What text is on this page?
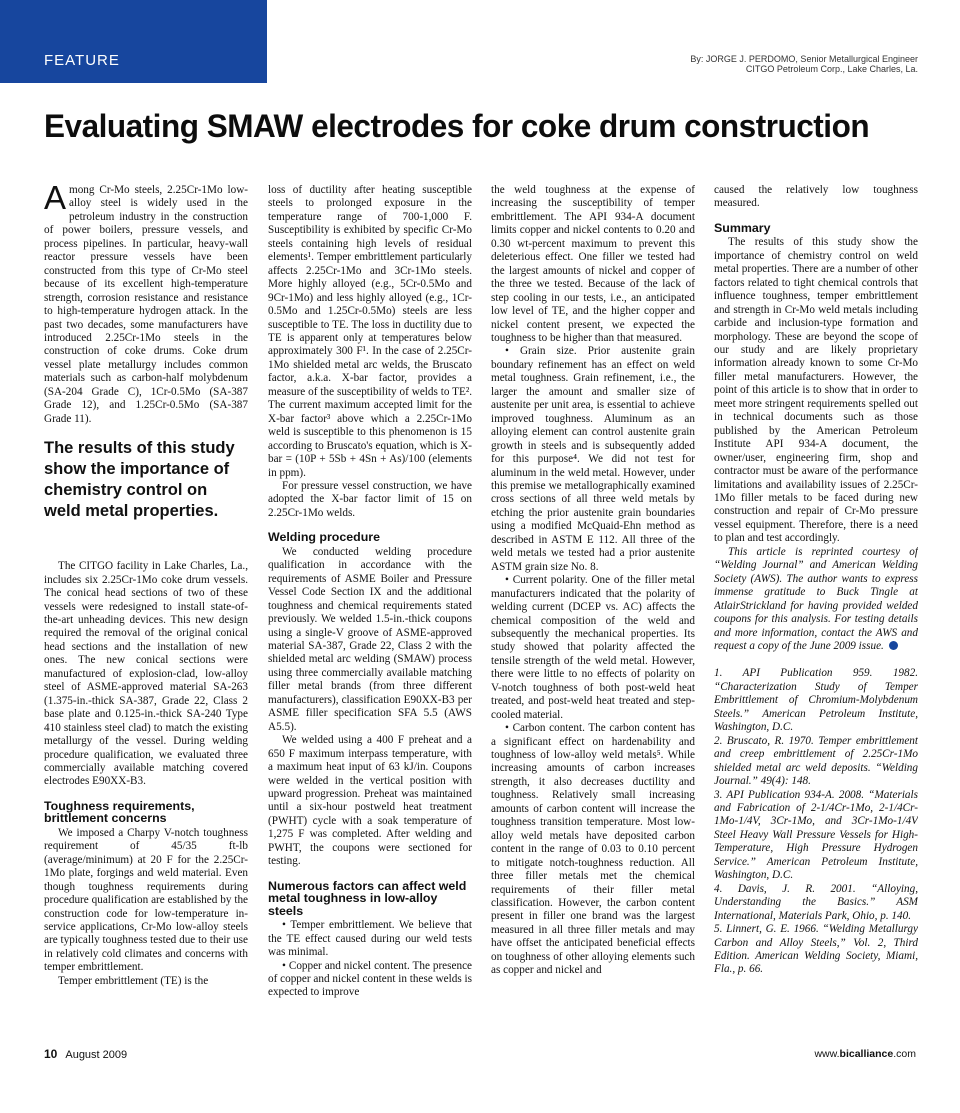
FEATURE	By: JORGE J. PERDOMO, Senior Metallurgical Engineer
CITGO Petroleum Corp., Lake Charles, La.
Evaluating SMAW electrodes for coke drum construction

Among Cr-Mo steels, 2.25Cr-1Mo low-alloy steel is widely used in the petroleum industry in the construction of power boilers, pressure vessels, and process pipelines. In particular, heavy-wall reactor pressure vessels have been constructed from this type of Cr-Mo steel because of its excellent high-temperature strength, corrosion resistance and resistance to high-temperature hydrogen attack. In the past two decades, some manufacturers have introduced 2.25Cr-1Mo steels in the construction of coke drums. Coke drum vessel plate metallurgy includes common materials such as carbon-half molybdenum (SA-204 Grade C), 1Cr-0.5Mo (SA-387 Grade 12), and 1.25Cr-0.5Mo (SA-387 Grade 11).

The results of this study show the importance of chemistry control on weld metal properties.

The CITGO facility in Lake Charles, La., includes six 2.25Cr-1Mo coke drum vessels. The conical head sections of two of these vessels were redesigned to install state-of-the-art unheading devices. This new design required the removal of the original conical head sections and the installation of new ones. The new conical sections were manufactured of explosion-clad, low-alloy steel of ASME-approved material SA-263 (1.375-in.-thick SA-387, Grade 22, Class 2 base plate and 0.125-in.-thick SA-240 Type 410 stainless steel clad) to match the existing metallurgy of the vessel. During welding procedure qualification, we evaluated three commercially available matching covered electrodes E90XX-B3.

Toughness requirements, brittlement concerns

We imposed a Charpy V-notch toughness requirement of 45/35 ft-lb (average/minimum) at 20 F for the 2.25Cr-1Mo plate, forgings and weld material. Even though toughness requirements during procedure qualification are established by the construction code for low-temperature in-service applications, Cr-Mo low-alloy steels are typically toughness tested due to their use in relatively cold climates and concerns with temper embrittlement.

Temper embrittlement (TE) is the

loss of ductility after heating susceptible steels to prolonged exposure in the temperature range of 700-1,000 F. Susceptibility is exhibited by specific Cr-Mo steels containing high levels of residual elements¹. Temper embrittlement particularly affects 2.25Cr-1Mo and 3Cr-1Mo steels. More highly alloyed (e.g., 5Cr-0.5Mo and 9Cr-1Mo) and less highly alloyed (e.g., 1Cr-0.5Mo and 1.25Cr-0.5Mo) steels are less susceptible to TE. The loss in ductility due to TE is apparent only at temperatures below approximately 300 F¹. In the case of 2.25Cr-1Mo shielded metal arc welds, the Bruscato factor, a.k.a. X-bar factor, provides a measure of the susceptibility of welds to TE². The current maximum accepted limit for the X-bar factor³ above which a 2.25Cr-1Mo weld is susceptible to this phenomenon is 15 according to Bruscato's equation, which is X-bar = (10P + 5Sb + 4Sn + As)/100 (elements in ppm).

For pressure vessel construction, we have adopted the X-bar factor limit of 15 on 2.25Cr-1Mo welds.

Welding procedure

We conducted welding procedure qualification in accordance with the requirements of ASME Boiler and Pressure Vessel Code Section IX and the additional toughness and chemical requirements stated previously. We welded 1.5-in.-thick coupons using a single-V groove of ASME-approved material SA-387, Grade 22, Class 2 with the shielded metal arc welding (SMAW) process using three commercially available matching filler metal brands (from three different manufacturers), classification E90XX-B3 per ASME filler specification SFA 5.5 (AWS A5.5).

We welded using a 400 F preheat and a 650 F maximum interpass temperature, with a maximum heat input of 63 kJ/in. Coupons were welded in the vertical position with upward progression. Preheat was maintained until a six-hour postweld heat treatment (PWHT) cycle with a soak temperature of 1,275 F was completed. After welding and PWHT, the coupons were sectioned for testing.

Numerous factors can affect weld metal toughness in low-alloy steels

• Temper embrittlement. We believe that the TE effect caused during our weld tests was minimal.

• Copper and nickel content. The presence of copper and nickel content in these welds is expected to improve

the weld toughness at the expense of increasing the susceptibility of temper embrittlement. The API 934-A document limits copper and nickel contents to 0.20 and 0.30 wt-percent maximum to prevent this deleterious effect. One filler we tested had the largest amounts of nickel and copper of the three we tested. Because of the lack of step cooling in our tests, i.e., an anticipated low level of TE, and the higher copper and nickel content present, we expected the toughness to be higher than that measured.

• Grain size. Prior austenite grain boundary refinement has an effect on weld metal toughness. Grain refinement, i.e., the larger the amount and smaller size of austenite per unit area, is essential to achieve improved toughness. Aluminum as an alloying element can control austenite grain growth in steels and is subsequently added for this purpose⁴. We did not test for aluminum in the weld metal. However, under this premise we metallographically examined cross sections of all three weld metals by etching the prior austenite grain boundaries using a modified McQuaid-Ehn method as described in ASTM E 112. All three of the weld metals we tested had a prior austenite ASTM grain size No. 8.

• Current polarity. One of the filler metal manufacturers indicated that the polarity of welding current (DCEP vs. AC) affects the chemical composition of the weld and subsequently the mechanical properties. Its study showed that polarity affected the tensile strength of the weld metal. However, there were little to no effects of polarity on V-notch toughness of both post-weld heat treated, and post-weld heat treated and step-cooled material.

• Carbon content. The carbon content has a significant effect on hardenability and toughness of low-alloy weld metals⁵. While increasing amounts of carbon increases strength, it also decreases ductility and toughness. Relatively small increasing amounts of carbon content will increase the toughness transition temperature. Most low-alloy weld metals have deposited carbon content in the range of 0.03 to 0.10 percent to mitigate notch-toughness reduction. All three filler metals met the chemical requirements of their filler metal classification. However, the carbon content present in filler one brand was the largest measured in all three filler metals and may have offset the anticipated beneficial effects on toughness of other alloying elements such as copper and nickel and

caused the relatively low toughness measured.

Summary

The results of this study show the importance of chemistry control on weld metal properties. There are a number of other factors related to tight chemical controls that influence toughness, temper embrittlement and strength in Cr-Mo weld metals including carbide and inclusion-type formation and morphology. These are beyond the scope of our study and are likely proprietary information already known to some Cr-Mo filler metal manufacturers. However, the point of this article is to show that in order to meet more stringent requirements spelled out in technical documents such as those published by the American Petroleum Institute API 934-A document, the owner/user, engineering firm, shop and contractor must be aware of the performance limitations and availability issues of 2.25Cr-1Mo filler metals to be faced during new construction and repair of Cr-Mo pressure vessel equipment. Therefore, there is a need to plan and test accordingly.

This article is reprinted courtesy of “Welding Journal” and American Welding Society (AWS). The author wants to express immense gratitude to Buck Tingle at AtlairStrickland for having provided welded coupons for this analysis. For testing details and more information, contact the AWS and request a copy of the June 2009 issue.

1. API Publication 959. 1982. “Characterization Study of Temper Embrittlement of Chromium-Molybdenum Steels.” American Petroleum Institute, Washington, D.C.

2. Bruscato, R. 1970. Temper embrittlement and creep embrittlement of 2.25Cr-1Mo shielded metal arc weld deposits. “Welding Journal.” 49(4): 148.

3. API Publication 934-A. 2008. “Materials and Fabrication of 2-1/4Cr-1Mo, 2-1/4Cr-1Mo-1/4V, 3Cr-1Mo, and 3Cr-1Mo-1/4V Steel Heavy Wall Pressure Vessels for High-Temperature, High Pressure Hydrogen Service.” American Petroleum Institute, Washington, D.C.

4. Davis, J. R. 2001. “Alloying, Understanding the Basics.” ASM International, Materials Park, Ohio, p. 140.

5. Linnert, G. E. 1966. “Welding Metallurgy Carbon and Alloy Steels,” Vol. 2, Third Edition. American Welding Society, Miami, Fla., p. 66.

10 August 2009	www.bicalliance.com
